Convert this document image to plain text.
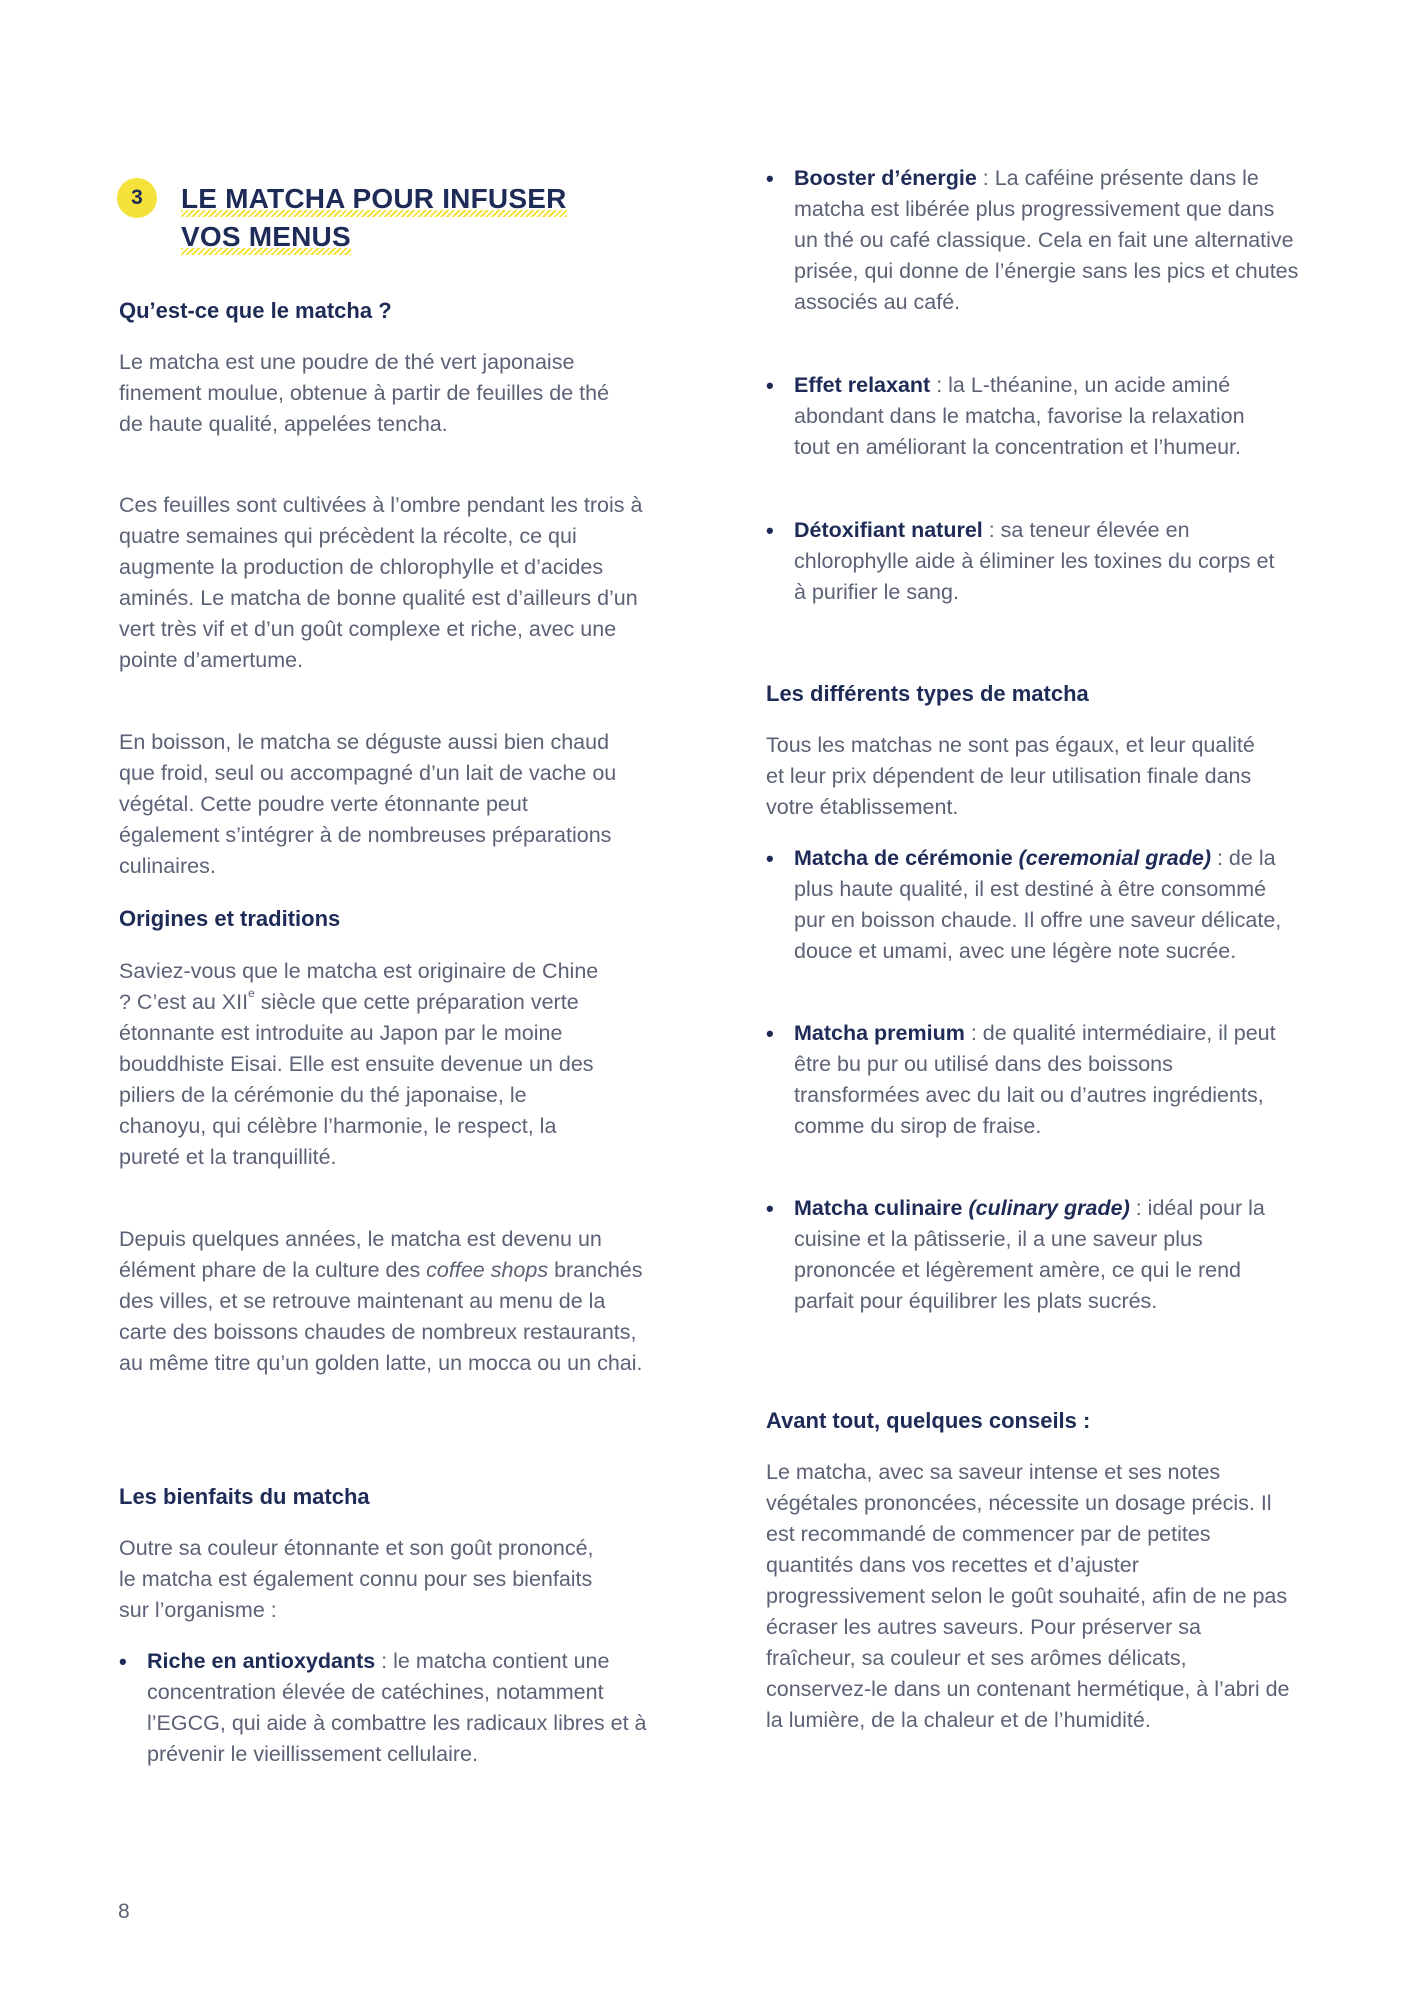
3 LE MATCHA POUR INFUSER
VOS MENUS
Qu’est-ce que le matcha ?

Le matcha est une poudre de thé vert japonaise finement moulue, obtenue à partir de feuilles de thé de haute qualité, appelées tencha.

Ces feuilles sont cultivées à l’ombre pendant les trois à quatre semaines qui précèdent la récolte, ce qui augmente la production de chlorophylle et d’acides aminés. Le matcha de bonne qualité est d’ailleurs d’un vert très vif et d’un goût complexe et riche, avec une pointe d’amertume.

En boisson, le matcha se déguste aussi bien chaud que froid, seul ou accompagné d’un lait de vache ou végétal. Cette poudre verte étonnante peut également s’intégrer à de nombreuses préparations culinaires.

Origines et traditions

Saviez-vous que le matcha est originaire de Chine ? C’est au XIIe siècle que cette préparation verte étonnante est introduite au Japon par le moine bouddhiste Eisai. Elle est ensuite devenue un des piliers de la cérémonie du thé japonaise, le chanoyu, qui célèbre l’harmonie, le respect, la pureté et la tranquillité.

Depuis quelques années, le matcha est devenu un élément phare de la culture des coffee shops branchés des villes, et se retrouve maintenant au menu de la carte des boissons chaudes de nombreux restaurants, au même titre qu’un golden latte, un mocca ou un chai.

Les bienfaits du matcha

Outre sa couleur étonnante et son goût prononcé, le matcha est également connu pour ses bienfaits sur l’organisme :

• Riche en antioxydants : le matcha contient une concentration élevée de catéchines, notamment l’EGCG, qui aide à combattre les radicaux libres et à prévenir le vieillissement cellulaire.

• Booster d’énergie : La caféine présente dans le matcha est libérée plus progressivement que dans un thé ou café classique. Cela en fait une alternative prisée, qui donne de l’énergie sans les pics et chutes associés au café.

• Effet relaxant : la L-théanine, un acide aminé abondant dans le matcha, favorise la relaxation tout en améliorant la concentration et l’humeur.

• Détoxifiant naturel : sa teneur élevée en chlorophylle aide à éliminer les toxines du corps et à purifier le sang.

Les différents types de matcha

Tous les matchas ne sont pas égaux, et leur qualité et leur prix dépendent de leur utilisation finale dans votre établissement.

• Matcha de cérémonie (ceremonial grade) : de la plus haute qualité, il est destiné à être consommé pur en boisson chaude. Il offre une saveur délicate, douce et umami, avec une légère note sucrée.

• Matcha premium : de qualité intermédiaire, il peut être bu pur ou utilisé dans des boissons transformées avec du lait ou d’autres ingrédients, comme du sirop de fraise.

• Matcha culinaire (culinary grade) : idéal pour la cuisine et la pâtisserie, il a une saveur plus prononcée et légèrement amère, ce qui le rend parfait pour équilibrer les plats sucrés.

Avant tout, quelques conseils :

Le matcha, avec sa saveur intense et ses notes végétales prononcées, nécessite un dosage précis. Il est recommandé de commencer par de petites quantités dans vos recettes et d’ajuster progressivement selon le goût souhaité, afin de ne pas écraser les autres saveurs. Pour préserver sa fraîcheur, sa couleur et ses arômes délicats, conservez-le dans un contenant hermétique, à l’abri de la lumière, de la chaleur et de l’humidité.

8
